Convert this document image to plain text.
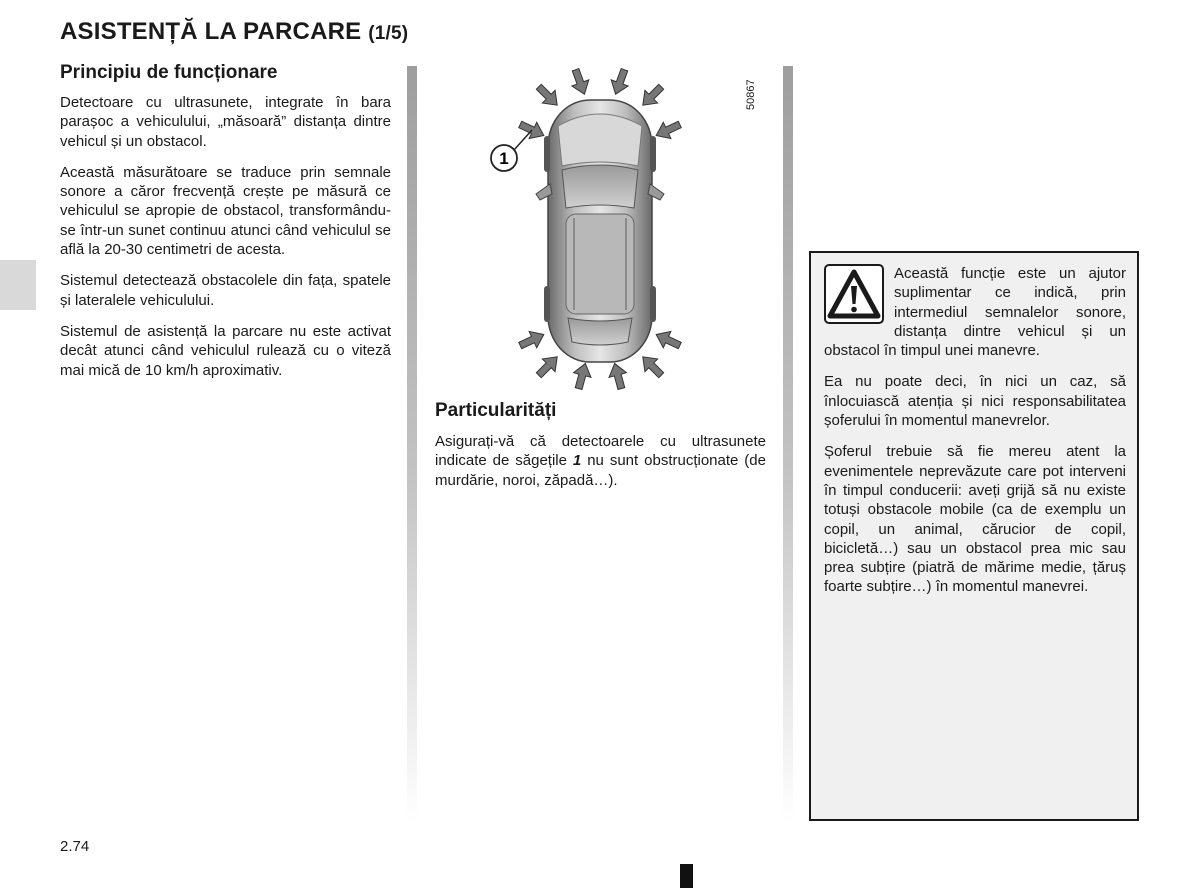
ASISTENȚĂ LA PARCARE (1/5)
Principiu de funcționare

Detectoare cu ultrasunete, integrate în bara parașoc a vehiculului, „măsoară” distanța dintre vehicul și un obstacol.

Această măsurătoare se traduce prin semnale sonore a căror frecvență crește pe măsură ce vehiculul se apropie de obstacol, transformându-se într-un sunet continuu atunci când vehiculul se află la 20-30 centimetri de acesta.

Sistemul detectează obstacolele din fața, spatele și lateralele vehiculului.

Sistemul de asistență la parcare nu este activat decât atunci când vehiculul rulează cu o viteză mai mică de 10 km/h aproximativ.

1
50867
Particularități

Asigurați-vă că detectoarele cu ultrasunete indicate de săgețile 1 nu sunt obstrucționate (de murdărie, noroi, zăpadă…).

Această funcție este un ajutor suplimentar ce indică, prin intermediul semnalelor sonore, distanța dintre vehicul și un obstacol în timpul unei manevre.

Ea nu poate deci, în nici un caz, să înlocuiască atenția și nici responsabilitatea șoferului în momentul manevrelor.

Șoferul trebuie să fie mereu atent la evenimentele neprevăzute care pot interveni în timpul conducerii: aveți grijă să nu existe totuși obstacole mobile (ca de exemplu un copil, un animal, cărucior de copil, bicicletă…) sau un obstacol prea mic sau prea subțire (piatră de mărime medie, țăruș foarte subțire…) în momentul manevrei.

2.74
